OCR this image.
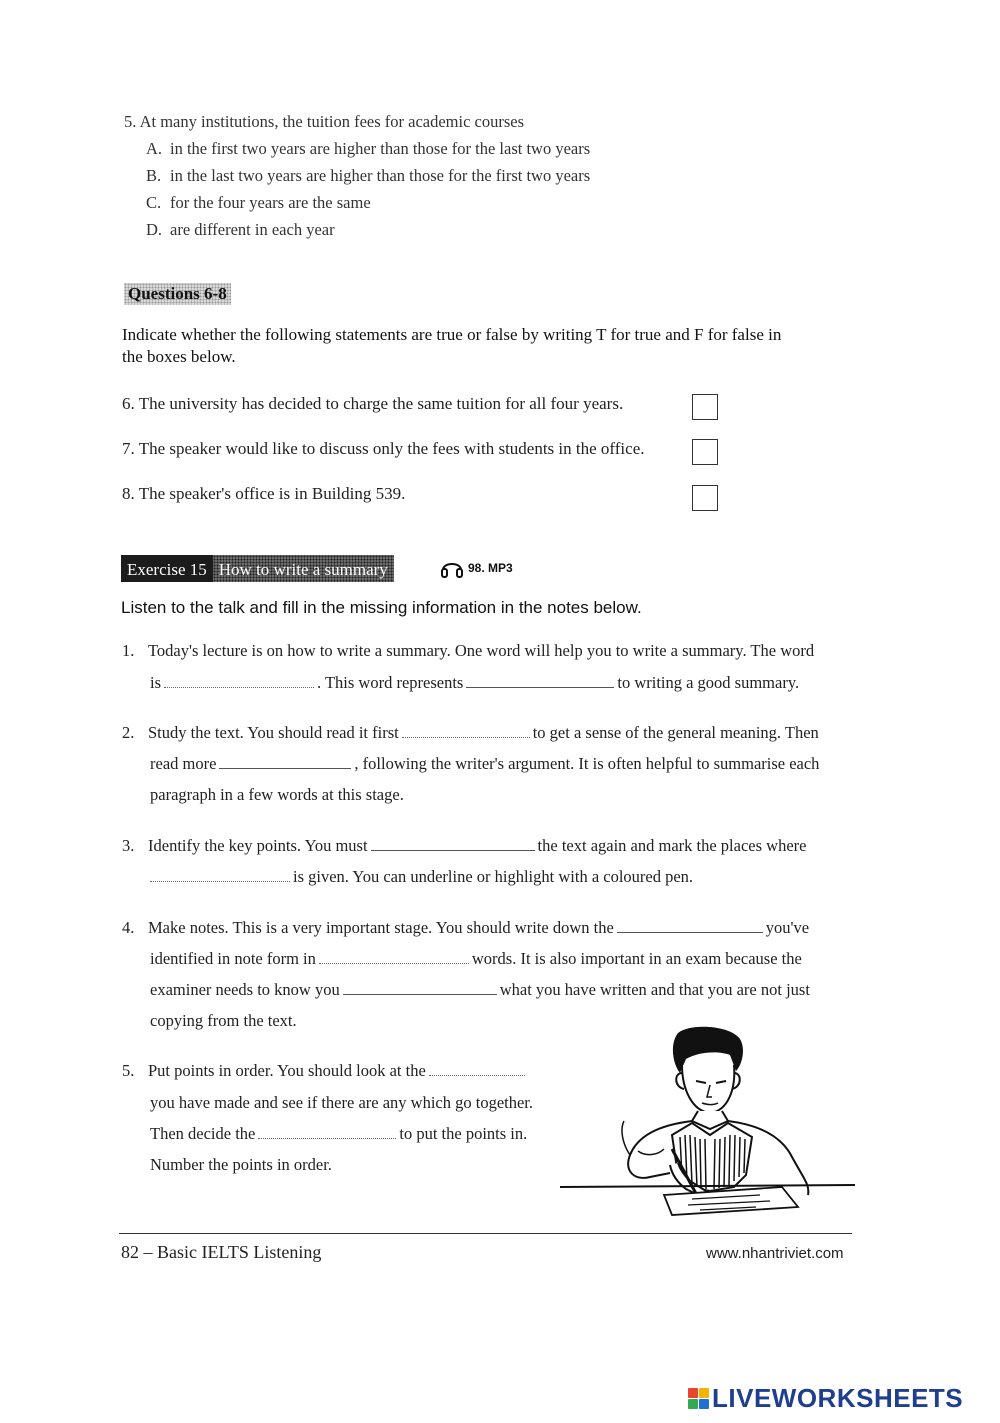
5. At many institutions, the tuition fees for academic courses
A. in the first two years are higher than those for the last two years
B. in the last two years are higher than those for the first two years
C. for the four years are the same
D. are different in each year
Questions 6-8
Indicate whether the following statements are true or false by writing T for true and F for false in
the boxes below.
6. The university has decided to charge the same tuition for all four years.
7. The speaker would like to discuss only the fees with students in the office.
8. The speaker's office is in Building 539.
Exercise 15 How to write a summary	98. MP3
Listen to the talk and fill in the missing information in the notes below.
1. Today's lecture is on how to write a summary. One word will help you to write a summary. The word
is	. This word represents	to writing a good summary.
2. Study the text. You should read it first	to get a sense of the general meaning. Then
read more	, following the writer's argument. It is often helpful to summarise each
paragraph in a few words at this stage.
3. Identify the key points. You must	the text again and mark the places where
is given. You can underline or highlight with a coloured pen.
4. Make notes. This is a very important stage. You should write down the	you've
identified in note form in	words. It is also important in an exam because the
examiner needs to know you	what you have written and that you are not just
copying from the text.
5. Put points in order. You should look at the
you have made and see if there are any which go together.
Then decide the	to put the points in.
Number the points in order.
82 – Basic IELTS Listening	www.nhantriviet.com
LIVEWORKSHEETS
